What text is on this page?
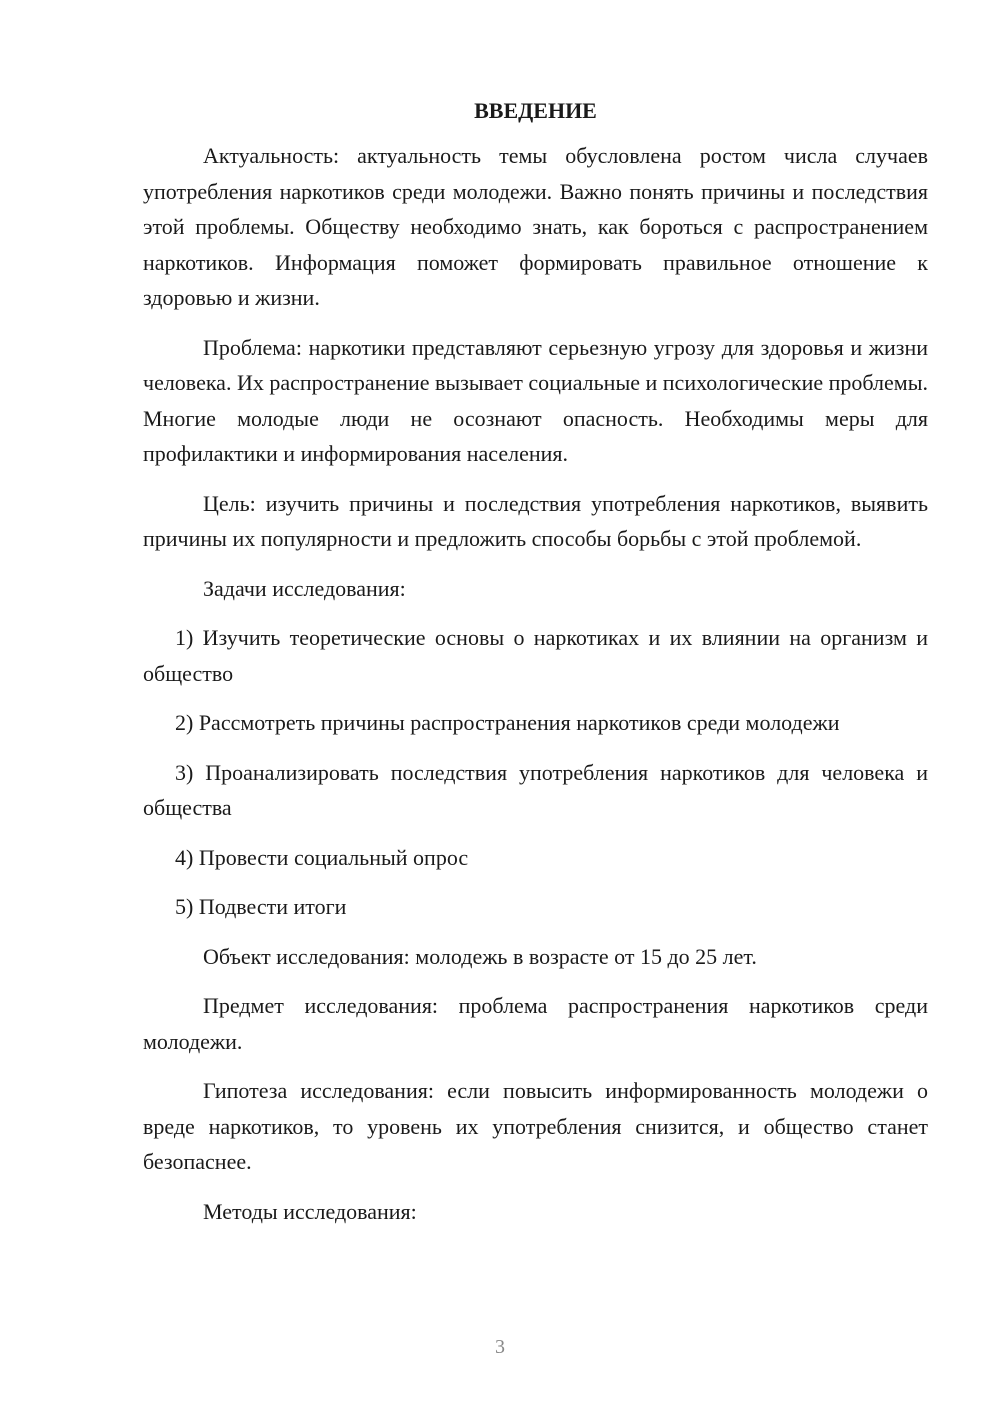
ВВЕДЕНИЕ

Актуальность: актуальность темы обусловлена ростом числа случаев употребления наркотиков среди молодежи. Важно понять причины и последствия этой проблемы. Обществу необходимо знать, как бороться с распространением наркотиков. Информация поможет формировать правильное отношение к здоровью и жизни.

Проблема: наркотики представляют серьезную угрозу для здоровья и жизни человека. Их распространение вызывает социальные и психологические проблемы. Многие молодые люди не осознают опасность. Необходимы меры для профилактики и информирования населения.

Цель: изучить причины и последствия употребления наркотиков, выявить причины их популярности и предложить способы борьбы с этой проблемой.

Задачи исследования:

1) Изучить теоретические основы о наркотиках и их влиянии на организм и общество

2) Рассмотреть причины распространения наркотиков среди молодежи

3) Проанализировать последствия употребления наркотиков для человека и общества

4) Провести социальный опрос

5) Подвести итоги

Объект исследования: молодежь в возрасте от 15 до 25 лет.

Предмет исследования: проблема распространения наркотиков среди молодежи.

Гипотеза исследования: если повысить информированность молодежи о вреде наркотиков, то уровень их употребления снизится, и общество станет безопаснее.

Методы исследования:

3
